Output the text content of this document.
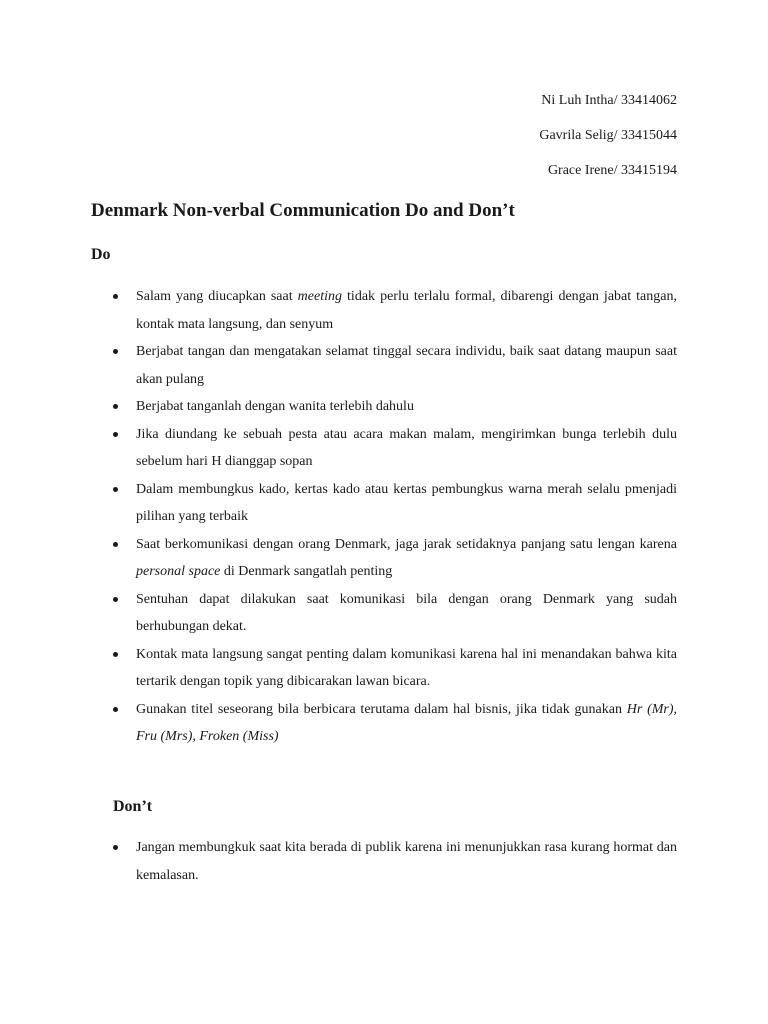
Ni Luh Intha/ 33414062
Gavrila Selig/ 33415044
Grace Irene/ 33415194
Denmark Non-verbal Communication Do and Don’t
Do
Salam yang diucapkan saat meeting tidak perlu terlalu formal, dibarengi dengan jabat tangan, kontak mata langsung, dan senyum
Berjabat tangan dan mengatakan selamat tinggal secara individu, baik saat datang maupun saat akan pulang
Berjabat tanganlah dengan wanita terlebih dahulu
Jika diundang ke sebuah pesta atau acara makan malam, mengirimkan bunga terlebih dulu sebelum hari H dianggap sopan
Dalam membungkus kado, kertas kado atau kertas pembungkus warna merah selalu pmenjadi pilihan yang terbaik
Saat berkomunikasi dengan orang Denmark, jaga jarak setidaknya panjang satu lengan karena personal space di Denmark sangatlah penting
Sentuhan dapat dilakukan saat komunikasi bila dengan orang Denmark yang sudah berhubungan dekat.
Kontak mata langsung sangat penting dalam komunikasi karena hal ini menandakan bahwa kita tertarik dengan topik yang dibicarakan lawan bicara.
Gunakan titel seseorang bila berbicara terutama dalam hal bisnis, jika tidak gunakan Hr (Mr), Fru (Mrs), Froken (Miss)
Don’t
Jangan membungkuk saat kita berada di publik karena ini menunjukkan rasa kurang hormat dan kemalasan.
